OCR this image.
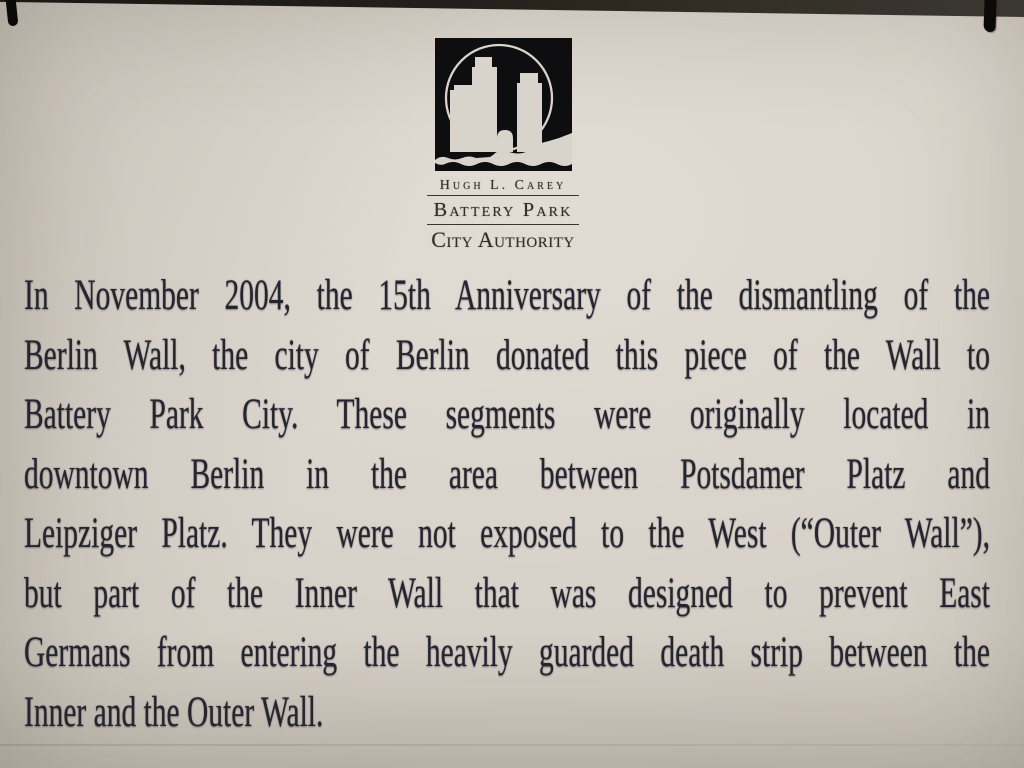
Hugh L. Carey
Battery Park
City Authority
In November 2004, the 15th Anniversary of the dismantling of the
Berlin Wall, the city of Berlin donated this piece of the Wall to
Battery Park City. These segments were originally located in
downtown Berlin in the area between Potsdamer Platz and
Leipziger Platz. They were not exposed to the West (“Outer Wall”),
but part of the Inner Wall that was designed to prevent East
Germans from entering the heavily guarded death strip between the
Inner and the Outer Wall.
